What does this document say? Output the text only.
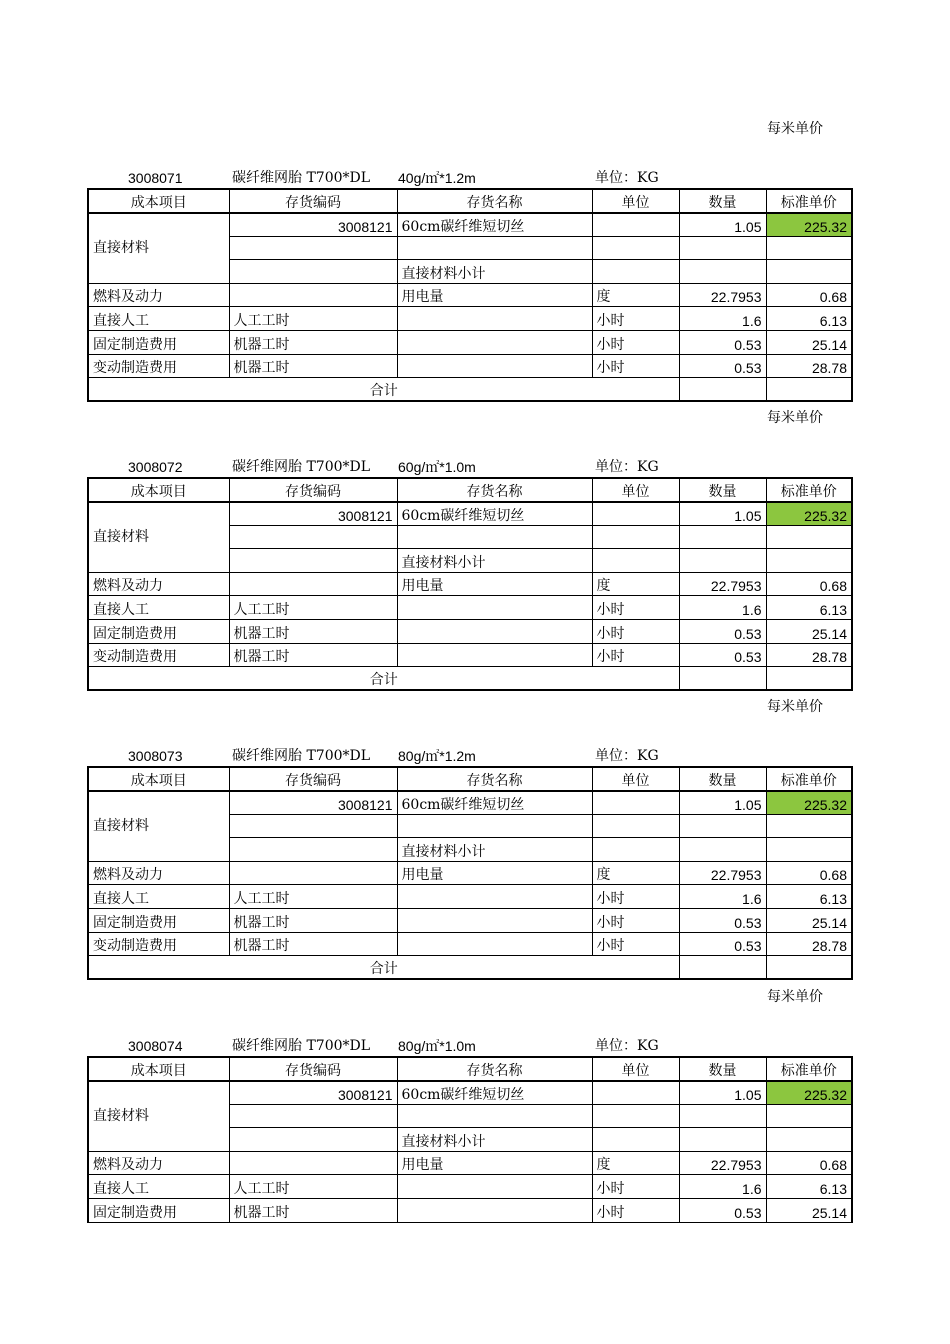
每米单价
3008071	碳纤维网胎 T700*DL 40g/㎡*1.2m	单位：KG
成本项目	存货编码	存货名称	单位	数量	标准单价
直接材料	3008121	60cm碳纤维短切丝		1.05	225.32

		直接材料小计			
燃料及动力		用电量	度	22.7953	0.68
直接人工	人工工时		小时	1.6	6.13
固定制造费用	机器工时		小时	0.53	25.14
变动制造费用	机器工时		小时	0.53	28.78
合计					
每米单价
3008072	碳纤维网胎 T700*DL 60g/㎡*1.0m	单位：KG
成本项目	存货编码	存货名称	单位	数量	标准单价
直接材料	3008121	60cm碳纤维短切丝		1.05	225.32

		直接材料小计			
燃料及动力		用电量	度	22.7953	0.68
直接人工	人工工时		小时	1.6	6.13
固定制造费用	机器工时		小时	0.53	25.14
变动制造费用	机器工时		小时	0.53	28.78
合计					
每米单价
3008073	碳纤维网胎 T700*DL 80g/㎡*1.2m	单位：KG
成本项目	存货编码	存货名称	单位	数量	标准单价
直接材料	3008121	60cm碳纤维短切丝		1.05	225.32

		直接材料小计			
燃料及动力		用电量	度	22.7953	0.68
直接人工	人工工时		小时	1.6	6.13
固定制造费用	机器工时		小时	0.53	25.14
变动制造费用	机器工时		小时	0.53	28.78
合计					
每米单价
3008074	碳纤维网胎 T700*DL 80g/㎡*1.0m	单位：KG
成本项目	存货编码	存货名称	单位	数量	标准单价
直接材料	3008121	60cm碳纤维短切丝		1.05	225.32

		直接材料小计			
燃料及动力		用电量	度	22.7953	0.68
直接人工	人工工时		小时	1.6	6.13
固定制造费用	机器工时		小时	0.53	25.14
